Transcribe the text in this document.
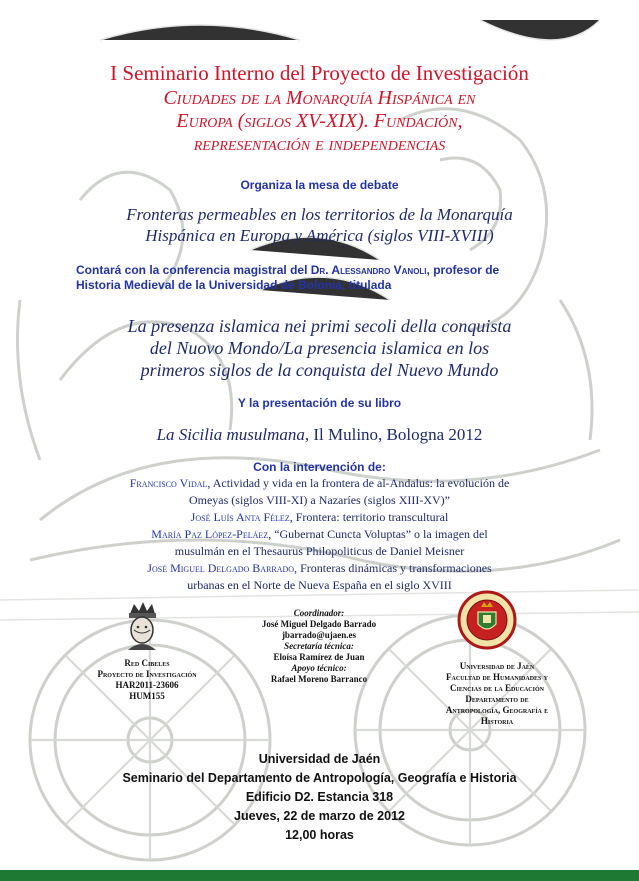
I Seminario Interno del Proyecto de Investigación

Ciudades de la Monarquía Hispánica en
Europa (siglos XV-XIX). Fundación,
representación e independencias

Organiza la mesa de debate

Fronteras permeables en los territorios de la Monarquía
Hispánica en Europa y América (siglos VIII-XVIII)
Contará con la conferencia magistral del Dr. Alessandro Vanoli, profesor de
Historia Medieval de la Universidad de Bolonia, titulada
La presenza islamica nei primi secoli della conquista
del Nuovo Mondo/La presencia islamica en los
primeros siglos de la conquista del Nuevo Mundo

Y la presentación de su libro

La Sicilia musulmana, Il Mulino, Bologna 2012

Con la intervención de:

Francisco Vidal, Actividad y vida en la frontera de al-Andalus: la evolución de
Omeyas (siglos VIII-XI) a Nazaríes (siglos XIII-XV)”
José Luís Anta Félez, Frontera: territorio transcultural
María Paz López-Peláez, “Gubernat Cuncta Voluptas” o la imagen del
musulmán en el Thesaurus Philopoliticus de Daniel Meisner
José Miguel Delgado Barrado, Fronteras dinámicas y transformaciones
urbanas en el Norte de Nueva España en el siglo XVIII
Red Cibeles
Proyecto de Investigación
HAR2011-23606
HUM155
Coordinador:
José Miguel Delgado Barrado
jbarrado@ujaen.es
Secretaría técnica:
Eloísa Ramírez de Juan
Apoyo técnico:
Rafael Moreno Barranco
Universidad de Jaén
Facultad de Humanidades y
Ciencias de la Educación
Departamento de
Antropología, Geografía e
Historia
Universidad de Jaén
Seminario del Departamento de Antropología, Geografía e Historia
Edificio D2. Estancia 318
Jueves, 22 de marzo de 2012
12,00 horas
